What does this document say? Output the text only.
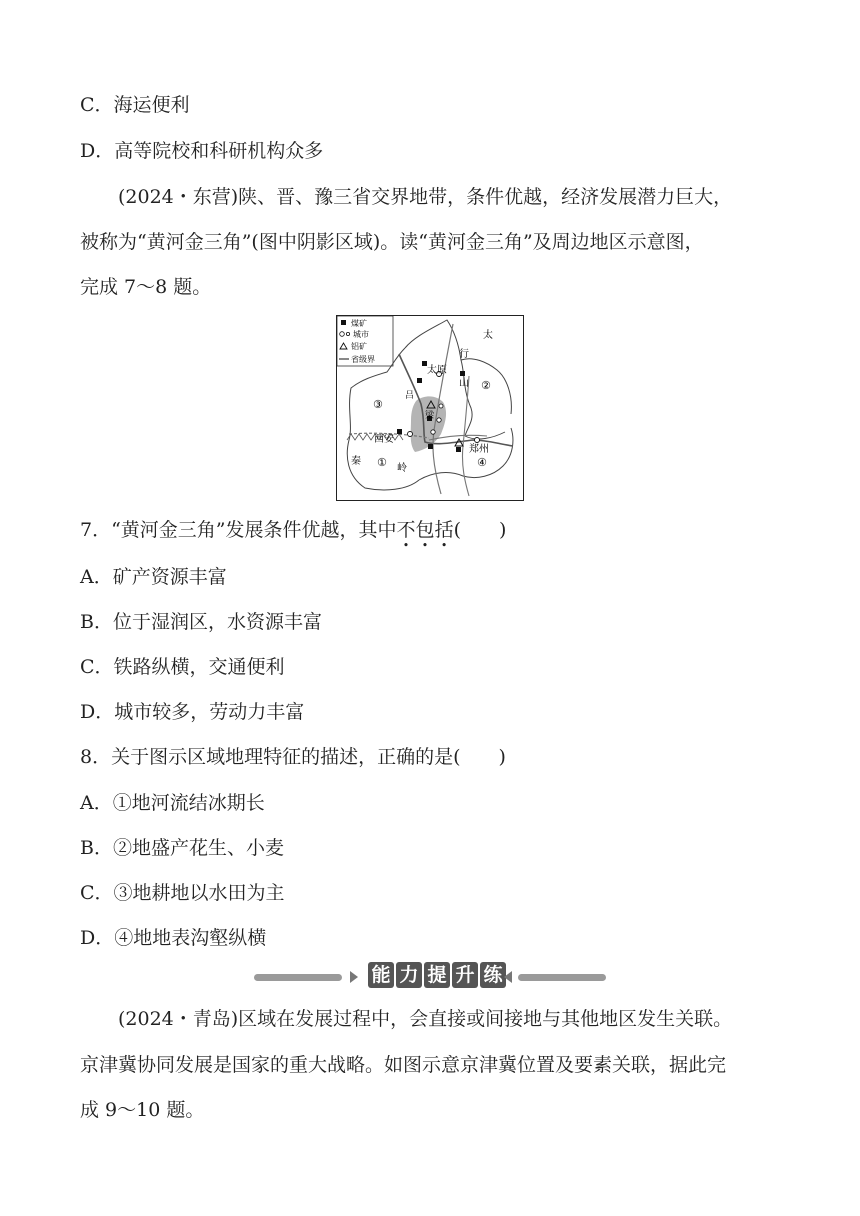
C．海运便利
D．高等院校和科研机构众多
(2024・东营)陕、晋、豫三省交界地带，条件优越，经济发展潜力巨大，
被称为“黄河金三角”(图中阴影区域)。读“黄河金三角”及周边地区示意图，
完成 7～8 题。
煤矿
城市
铝矿
省级界
太原
西安
郑州
太
行
山
吕
梁
秦
岭
②
③
①	④
7．“黄河金三角”发展条件优越，其中不包括(　　)
A．矿产资源丰富
B．位于湿润区，水资源丰富
C．铁路纵横，交通便利
D．城市较多，劳动力丰富
8．关于图示区域地理特征的描述，正确的是(　　)
A．①地河流结冰期长
B．②地盛产花生、小麦
C．③地耕地以水田为主
D．④地地表沟壑纵横
能 力 提 升 练
(2024・青岛)区域在发展过程中，会直接或间接地与其他地区发生关联。
京津冀协同发展是国家的重大战略。如图示意京津冀位置及要素关联，据此完
成 9～10 题。
